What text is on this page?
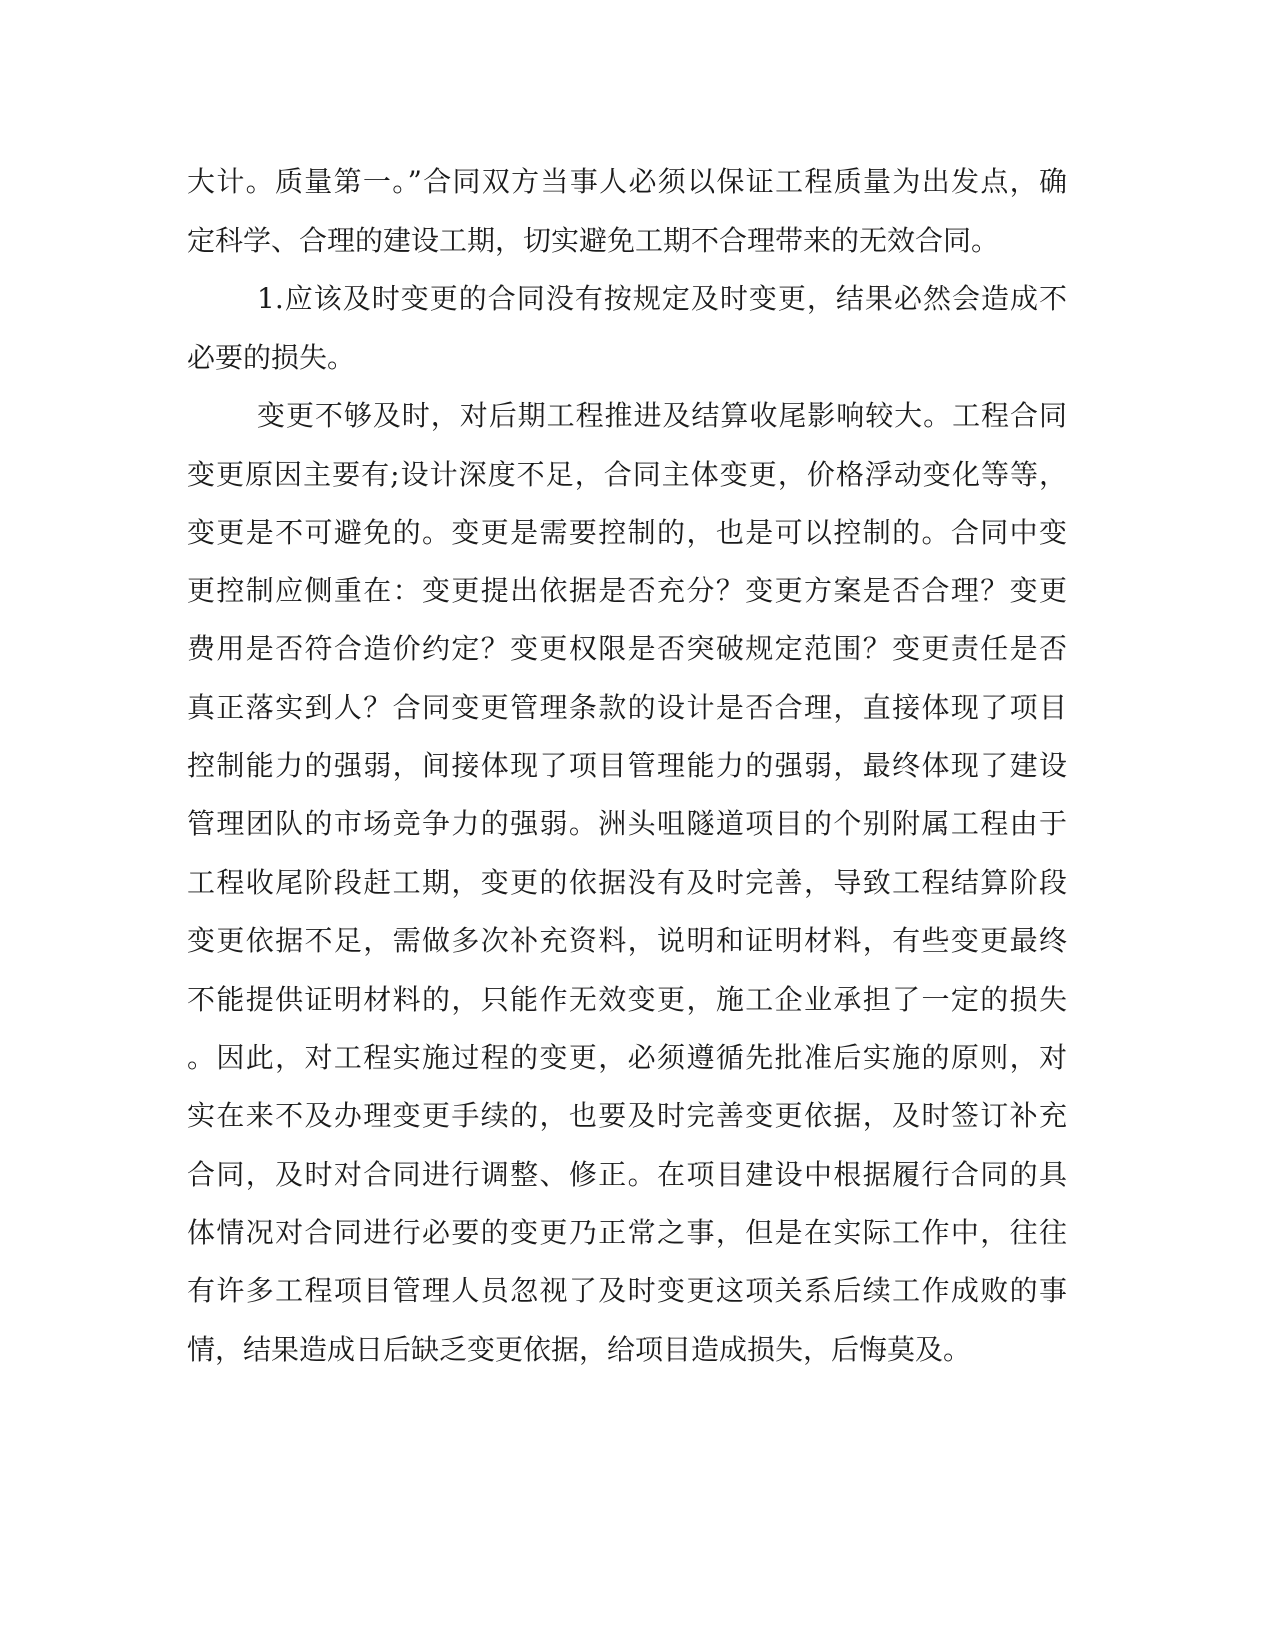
大计。质量第一。”合同双方当事人必须以保证工程质量为出发点，确
定科学、合理的建设工期，切实避免工期不合理带来的无效合同。
1.应该及时变更的合同没有按规定及时变更，结果必然会造成不
必要的损失。
变更不够及时，对后期工程推进及结算收尾影响较大。工程合同
变更原因主要有;设计深度不足，合同主体变更，价格浮动变化等等，
变更是不可避免的。变更是需要控制的，也是可以控制的。合同中变
更控制应侧重在：变更提出依据是否充分？变更方案是否合理？变更
费用是否符合造价约定？变更权限是否突破规定范围？变更责任是否
真正落实到人？合同变更管理条款的设计是否合理，直接体现了项目
控制能力的强弱，间接体现了项目管理能力的强弱，最终体现了建设
管理团队的市场竞争力的强弱。洲头咀隧道项目的个别附属工程由于
工程收尾阶段赶工期，变更的依据没有及时完善，导致工程结算阶段
变更依据不足，需做多次补充资料，说明和证明材料，有些变更最终
不能提供证明材料的，只能作无效变更，施工企业承担了一定的损失
。因此，对工程实施过程的变更，必须遵循先批准后实施的原则，对
实在来不及办理变更手续的，也要及时完善变更依据，及时签订补充
合同，及时对合同进行调整、修正。在项目建设中根据履行合同的具
体情况对合同进行必要的变更乃正常之事，但是在实际工作中，往往
有许多工程项目管理人员忽视了及时变更这项关系后续工作成败的事
情，结果造成日后缺乏变更依据，给项目造成损失，后悔莫及。
